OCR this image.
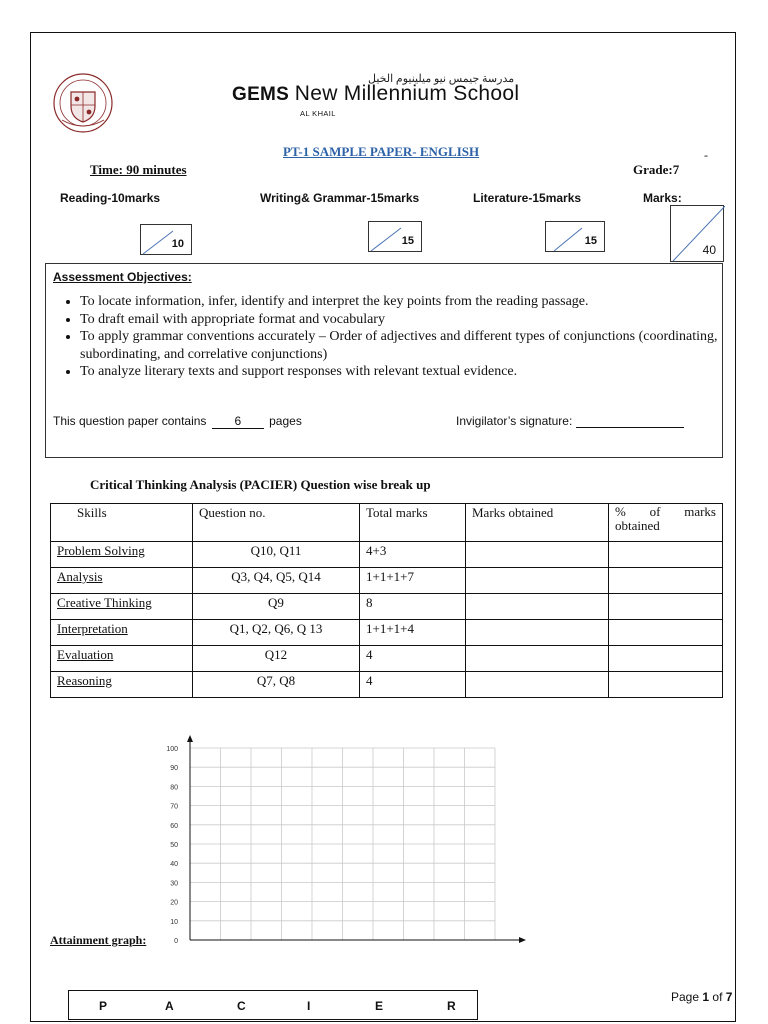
مدرسة جيمس نيو ميلينيوم الخيل
GEMS New Millennium School
AL KHAIL
PT-1 SAMPLE PAPER- ENGLISH	-
Time: 90 minutes	Grade:7
Reading-10marks	Writing& Grammar-15marks	Literature-15marks	Marks:
10	15	15
40
Assessment Objectives:
• To locate information, infer, identify and interpret the key points from the reading passage.
• To draft email with appropriate format and vocabulary
• To apply grammar conventions accurately – Order of adjectives and different types of conjunctions (coordinating, subordinating, and correlative conjunctions)
• To analyze literary texts and support responses with relevant textual evidence.
This question paper contains 6 pages	Invigilator’s signature:
Critical Thinking Analysis (PACIER) Question wise break up
Skills	Question no.	Total marks	Marks obtained	% of marks obtained
Problem Solving	Q10, Q11	4+3		
Analysis	Q3, Q4, Q5, Q14	1+1+1+7		
Creative Thinking	Q9	8		
Interpretation	Q1, Q2, Q6, Q 13	1+1+1+4		
Evaluation	Q12	4		
Reasoning	Q7, Q8	4		
0
10
20
30
40
50
60
70
80
90
100
Attainment graph:
P	A	C	I	E	R
Page 1 of 7
